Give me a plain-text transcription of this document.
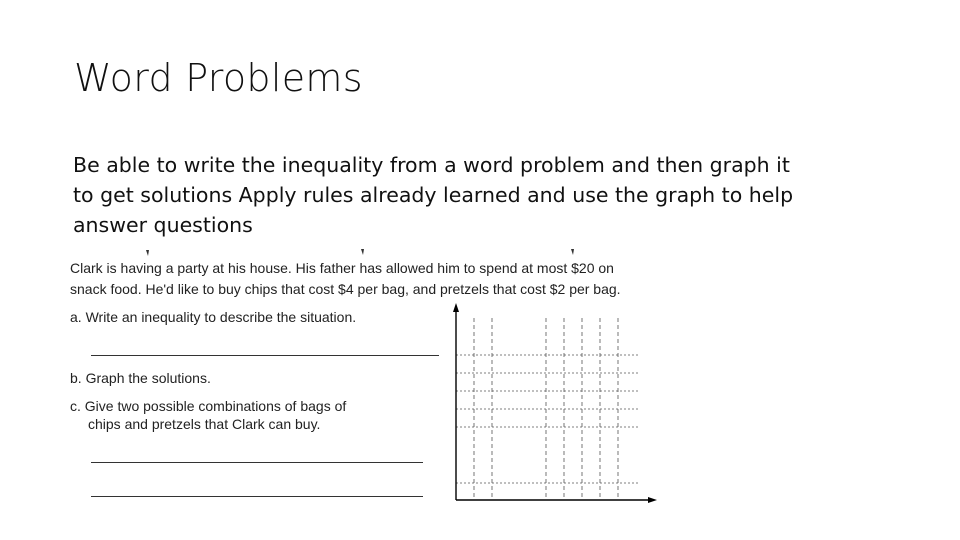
Word Problems
Be able to write the inequality from a word problem and then graph it
to get solutions Apply rules already learned and use the graph to help
answer questions
Clark is having a party at his house. His father has allowed him to spend at most $20 on
snack food. He'd like to buy chips that cost $4 per bag, and pretzels that cost $2 per bag.
a. Write an inequality to describe the situation.
b. Graph the solutions.
c. Give two possible combinations of bags of
chips and pretzels that Clark can buy.
